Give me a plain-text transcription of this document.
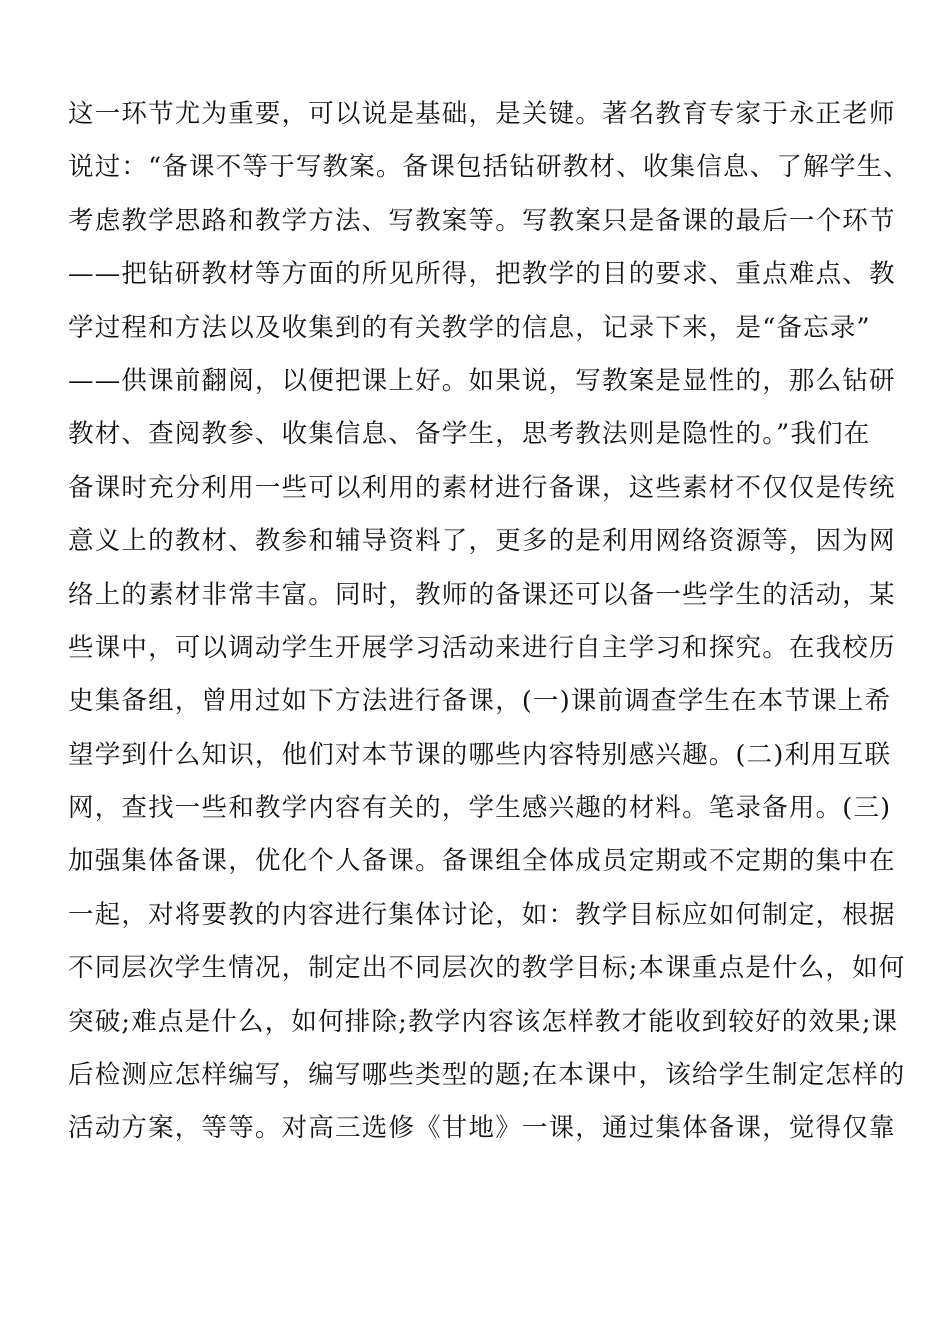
这一环节尤为重要，可以说是基础，是关键。著名教育专家于永正老师
说过：“备课不等于写教案。备课包括钻研教材、收集信息、了解学生、
考虑教学思路和教学方法、写教案等。写教案只是备课的最后一个环节
——把钻研教材等方面的所见所得，把教学的目的要求、重点难点、教
学过程和方法以及收集到的有关教学的信息，记录下来，是“备忘录”
——供课前翻阅，以便把课上好。如果说，写教案是显性的，那么钻研
教材、查阅教参、收集信息、备学生，思考教法则是隐性的。”我们在
备课时充分利用一些可以利用的素材进行备课，这些素材不仅仅是传统
意义上的教材、教参和辅导资料了，更多的是利用网络资源等，因为网
络上的素材非常丰富。同时，教师的备课还可以备一些学生的活动，某
些课中，可以调动学生开展学习活动来进行自主学习和探究。在我校历
史集备组，曾用过如下方法进行备课，(一)课前调查学生在本节课上希
望学到什么知识，他们对本节课的哪些内容特别感兴趣。(二)利用互联
网，查找一些和教学内容有关的，学生感兴趣的材料。笔录备用。(三)
加强集体备课，优化个人备课。备课组全体成员定期或不定期的集中在
一起，对将要教的内容进行集体讨论，如：教学目标应如何制定，根据
不同层次学生情况，制定出不同层次的教学目标;本课重点是什么，如何
突破;难点是什么，如何排除;教学内容该怎样教才能收到较好的效果;课
后检测应怎样编写，编写哪些类型的题;在本课中，该给学生制定怎样的
活动方案，等等。对高三选修《甘地》一课，通过集体备课，觉得仅靠
